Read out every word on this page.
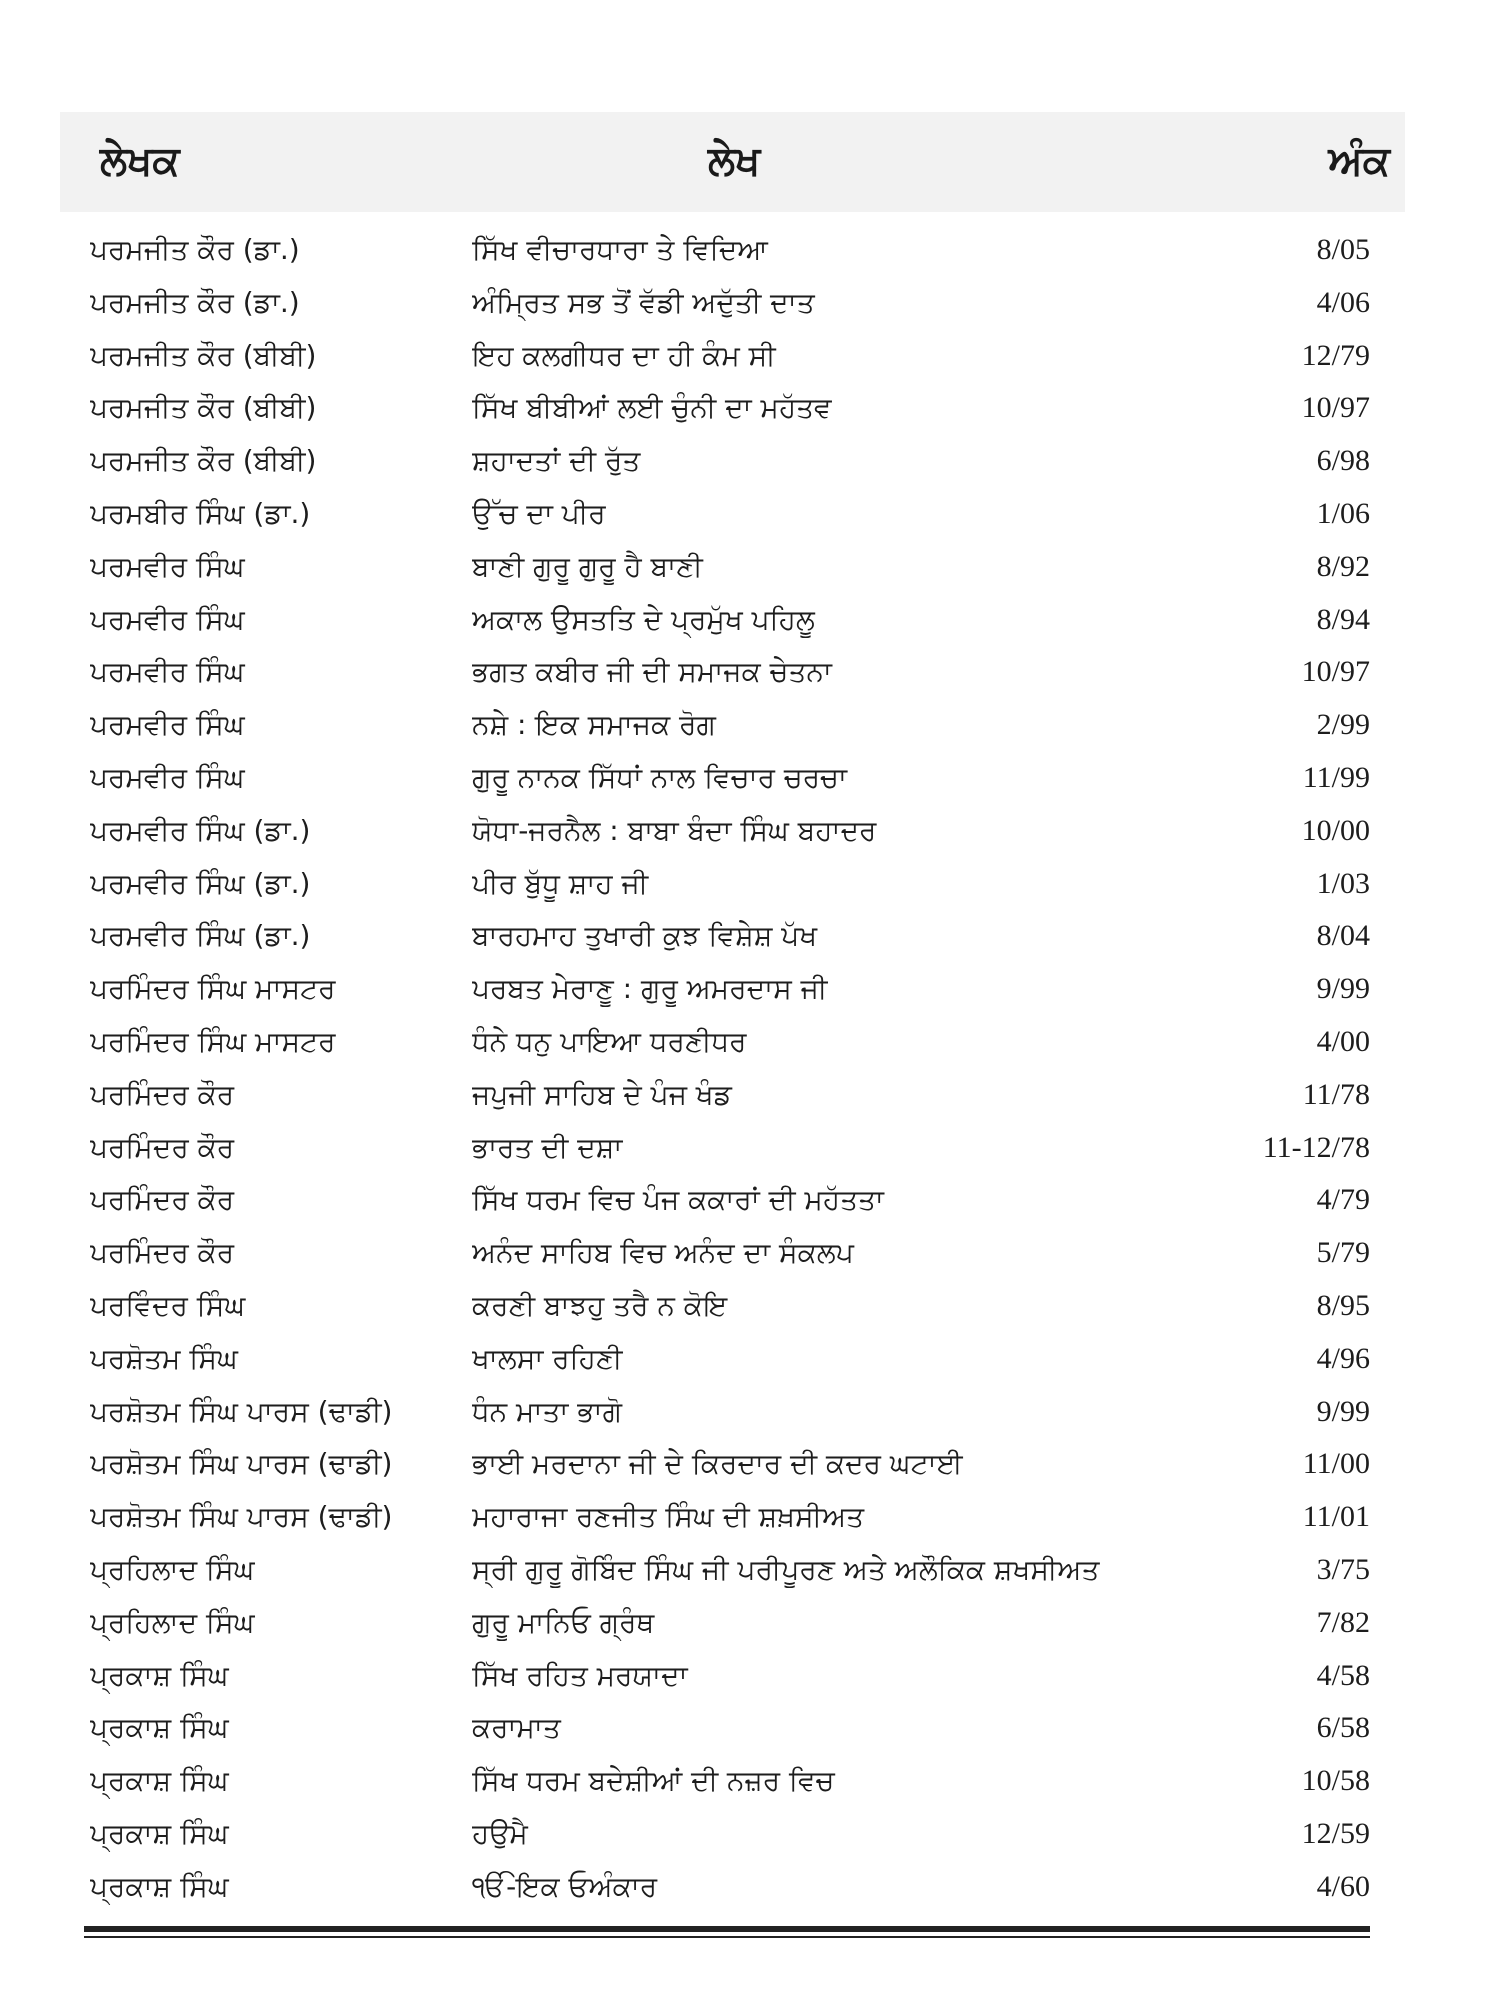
ਲੇਖਕ	ਲੇਖ	ਅੰਕ
ਪਰਮਜੀਤ ਕੌਰ (ਡਾ.)	ਸਿੱਖ ਵੀਚਾਰਧਾਰਾ ਤੇ ਵਿਦਿਆ	8/05
ਪਰਮਜੀਤ ਕੌਰ (ਡਾ.)	ਅੰਮ੍ਰਿਤ ਸਭ ਤੋਂ ਵੱਡੀ ਅਦੁੱਤੀ ਦਾਤ	4/06
ਪਰਮਜੀਤ ਕੌਰ (ਬੀਬੀ)	ਇਹ ਕਲਗੀਧਰ ਦਾ ਹੀ ਕੰਮ ਸੀ	12/79
ਪਰਮਜੀਤ ਕੌਰ (ਬੀਬੀ)	ਸਿੱਖ ਬੀਬੀਆਂ ਲਈ ਚੁੰਨੀ ਦਾ ਮਹੱਤਵ	10/97
ਪਰਮਜੀਤ ਕੌਰ (ਬੀਬੀ)	ਸ਼ਹਾਦਤਾਂ ਦੀ ਰੁੱਤ	6/98
ਪਰਮਬੀਰ ਸਿੰਘ (ਡਾ.)	ਉੱਚ ਦਾ ਪੀਰ	1/06
ਪਰਮਵੀਰ ਸਿੰਘ	ਬਾਣੀ ਗੁਰੂ ਗੁਰੂ ਹੈ ਬਾਣੀ	8/92
ਪਰਮਵੀਰ ਸਿੰਘ	ਅਕਾਲ ਉਸਤਤਿ ਦੇ ਪ੍ਰਮੁੱਖ ਪਹਿਲੂ	8/94
ਪਰਮਵੀਰ ਸਿੰਘ	ਭਗਤ ਕਬੀਰ ਜੀ ਦੀ ਸਮਾਜਕ ਚੇਤਨਾ	10/97
ਪਰਮਵੀਰ ਸਿੰਘ	ਨਸ਼ੇ : ਇਕ ਸਮਾਜਕ ਰੋਗ	2/99
ਪਰਮਵੀਰ ਸਿੰਘ	ਗੁਰੂ ਨਾਨਕ ਸਿੱਧਾਂ ਨਾਲ ਵਿਚਾਰ ਚਰਚਾ	11/99
ਪਰਮਵੀਰ ਸਿੰਘ (ਡਾ.)	ਯੋਧਾ-ਜਰਨੈਲ : ਬਾਬਾ ਬੰਦਾ ਸਿੰਘ ਬਹਾਦਰ	10/00
ਪਰਮਵੀਰ ਸਿੰਘ (ਡਾ.)	ਪੀਰ ਬੁੱਧੂ ਸ਼ਾਹ ਜੀ	1/03
ਪਰਮਵੀਰ ਸਿੰਘ (ਡਾ.)	ਬਾਰਹਮਾਹ ਤੁਖਾਰੀ ਕੁਝ ਵਿਸ਼ੇਸ਼ ਪੱਖ	8/04
ਪਰਮਿੰਦਰ ਸਿੰਘ ਮਾਸਟਰ	ਪਰਬਤ ਮੇਰਾਣੂ : ਗੁਰੂ ਅਮਰਦਾਸ ਜੀ	9/99
ਪਰਮਿੰਦਰ ਸਿੰਘ ਮਾਸਟਰ	ਧੰਨੇ ਧਨੁ ਪਾਇਆ ਧਰਣੀਧਰ	4/00
ਪਰਮਿੰਦਰ ਕੌਰ	ਜਪੁਜੀ ਸਾਹਿਬ ਦੇ ਪੰਜ ਖੰਡ	11/78
ਪਰਮਿੰਦਰ ਕੌਰ	ਭਾਰਤ ਦੀ ਦਸ਼ਾ	11-12/78
ਪਰਮਿੰਦਰ ਕੌਰ	ਸਿੱਖ ਧਰਮ ਵਿਚ ਪੰਜ ਕਕਾਰਾਂ ਦੀ ਮਹੱਤਤਾ	4/79
ਪਰਮਿੰਦਰ ਕੌਰ	ਅਨੰਦ ਸਾਹਿਬ ਵਿਚ ਅਨੰਦ ਦਾ ਸੰਕਲਪ	5/79
ਪਰਵਿੰਦਰ ਸਿੰਘ	ਕਰਣੀ ਬਾਝਹੁ ਤਰੈ ਨ ਕੋਇ	8/95
ਪਰਸ਼ੋਤਮ ਸਿੰਘ	ਖਾਲਸਾ ਰਹਿਣੀ	4/96
ਪਰਸ਼ੋਤਮ ਸਿੰਘ ਪਾਰਸ (ਢਾਡੀ)	ਧੰਨ ਮਾਤਾ ਭਾਗੋ	9/99
ਪਰਸ਼ੋਤਮ ਸਿੰਘ ਪਾਰਸ (ਢਾਡੀ)	ਭਾਈ ਮਰਦਾਨਾ ਜੀ ਦੇ ਕਿਰਦਾਰ ਦੀ ਕਦਰ ਘਟਾਈ	11/00
ਪਰਸ਼ੋਤਮ ਸਿੰਘ ਪਾਰਸ (ਢਾਡੀ)	ਮਹਾਰਾਜਾ ਰਣਜੀਤ ਸਿੰਘ ਦੀ ਸ਼ਖ਼ਸੀਅਤ	11/01
ਪ੍ਰਹਿਲਾਦ ਸਿੰਘ	ਸ੍ਰੀ ਗੁਰੂ ਗੋਬਿੰਦ ਸਿੰਘ ਜੀ ਪਰੀਪੂਰਣ ਅਤੇ ਅਲੌਕਿਕ ਸ਼ਖਸੀਅਤ	3/75
ਪ੍ਰਹਿਲਾਦ ਸਿੰਘ	ਗੁਰੂ ਮਾਨਿਓ ਗ੍ਰੰਥ	7/82
ਪ੍ਰਕਾਸ਼ ਸਿੰਘ	ਸਿੱਖ ਰਹਿਤ ਮਰਯਾਦਾ	4/58
ਪ੍ਰਕਾਸ਼ ਸਿੰਘ	ਕਰਾਮਾਤ	6/58
ਪ੍ਰਕਾਸ਼ ਸਿੰਘ	ਸਿੱਖ ਧਰਮ ਬਦੇਸ਼ੀਆਂ ਦੀ ਨਜ਼ਰ ਵਿਚ	10/58
ਪ੍ਰਕਾਸ਼ ਸਿੰਘ	ਹਉਮੈ	12/59
ਪ੍ਰਕਾਸ਼ ਸਿੰਘ	ੴ-ਇਕ ਓਅੰਕਾਰ	4/60
